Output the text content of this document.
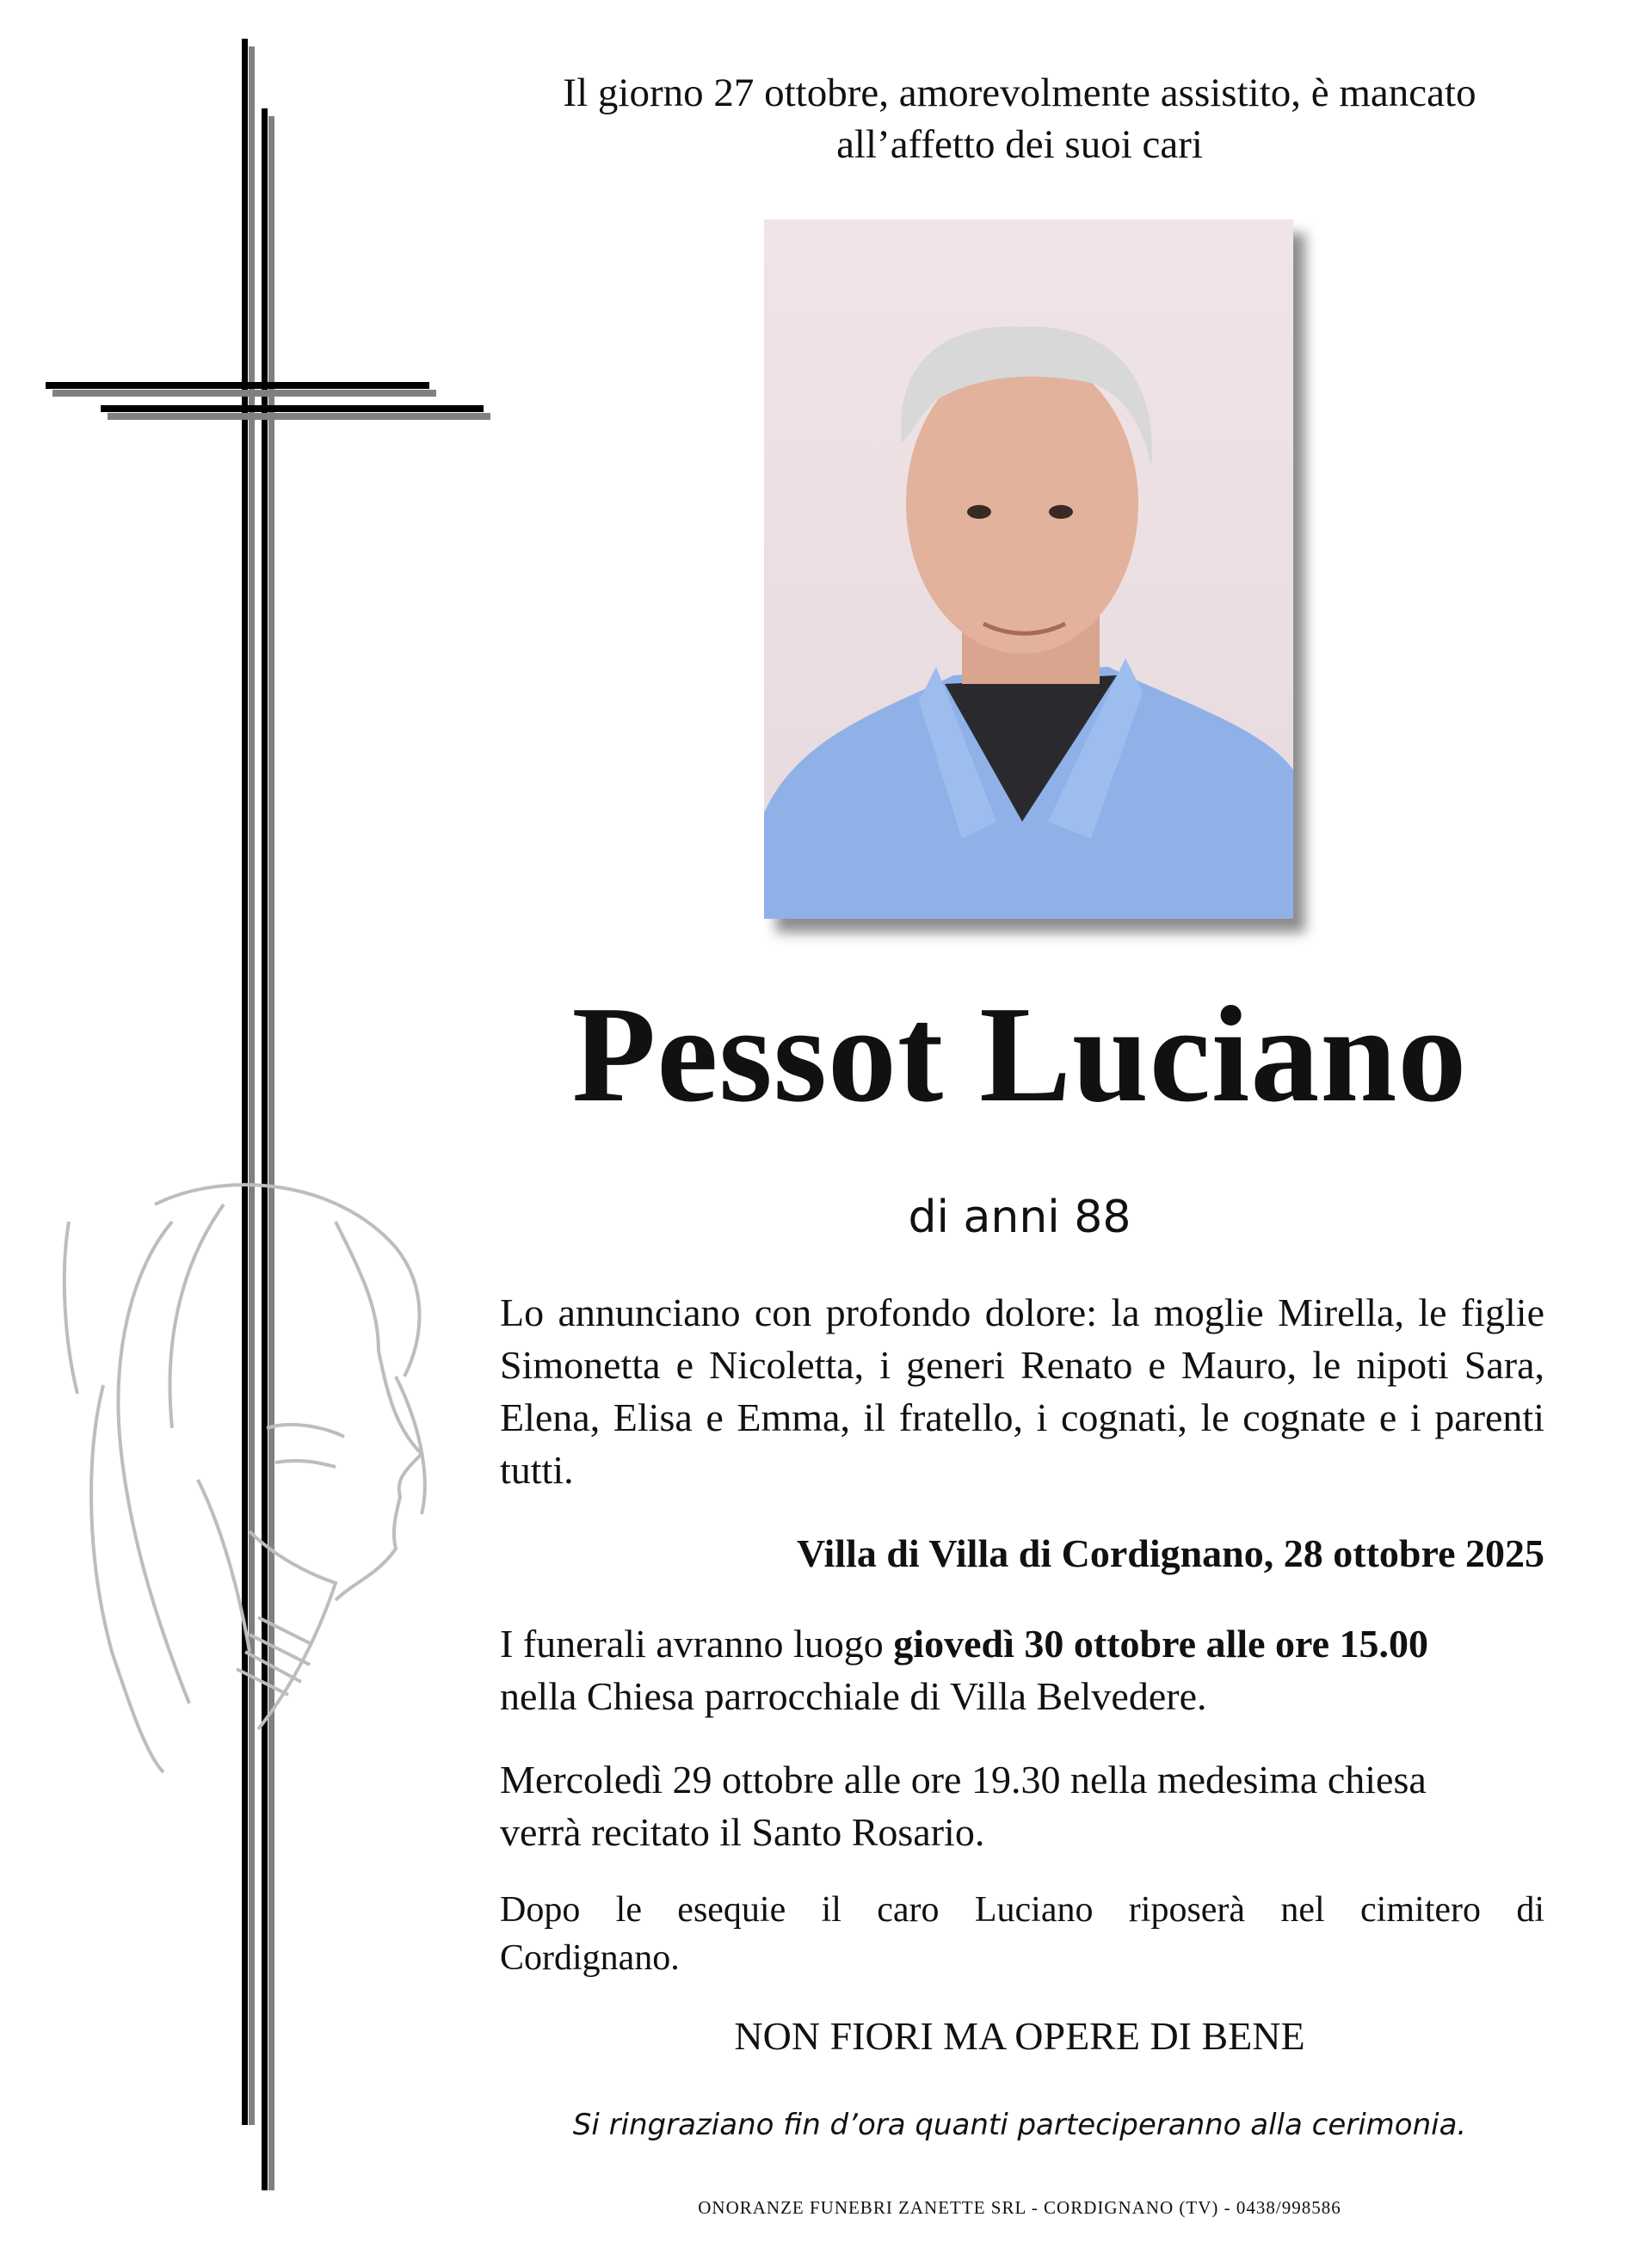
Il giorno 27 ottobre, amorevolmente assistito, è mancato
all’affetto dei suoi cari
Pessot Luciano
di anni 88

Lo annunciano con profondo dolore: la moglie Mirella, le figlie Simonetta e Nicoletta, i generi Renato e Mauro, le nipoti Sara, Elena, Elisa e Emma, il fratello, i cognati, le cognate e i parenti tutti.

Villa di Villa di Cordignano, 28 ottobre 2025
I funerali avranno luogo giovedì 30 ottobre alle ore 15.00
nella Chiesa parrocchiale di Villa Belvedere.
Mercoledì 29 ottobre alle ore 19.30 nella medesima chiesa
verrà recitato il Santo Rosario.
Dopo le esequie il caro Luciano riposerà nel cimitero di
Cordignano.
NON FIORI MA OPERE DI BENE
Si ringraziano fin d’ora quanti parteciperanno alla cerimonia.
ONORANZE FUNEBRI ZANETTE SRL - CORDIGNANO (TV) - 0438/998586
